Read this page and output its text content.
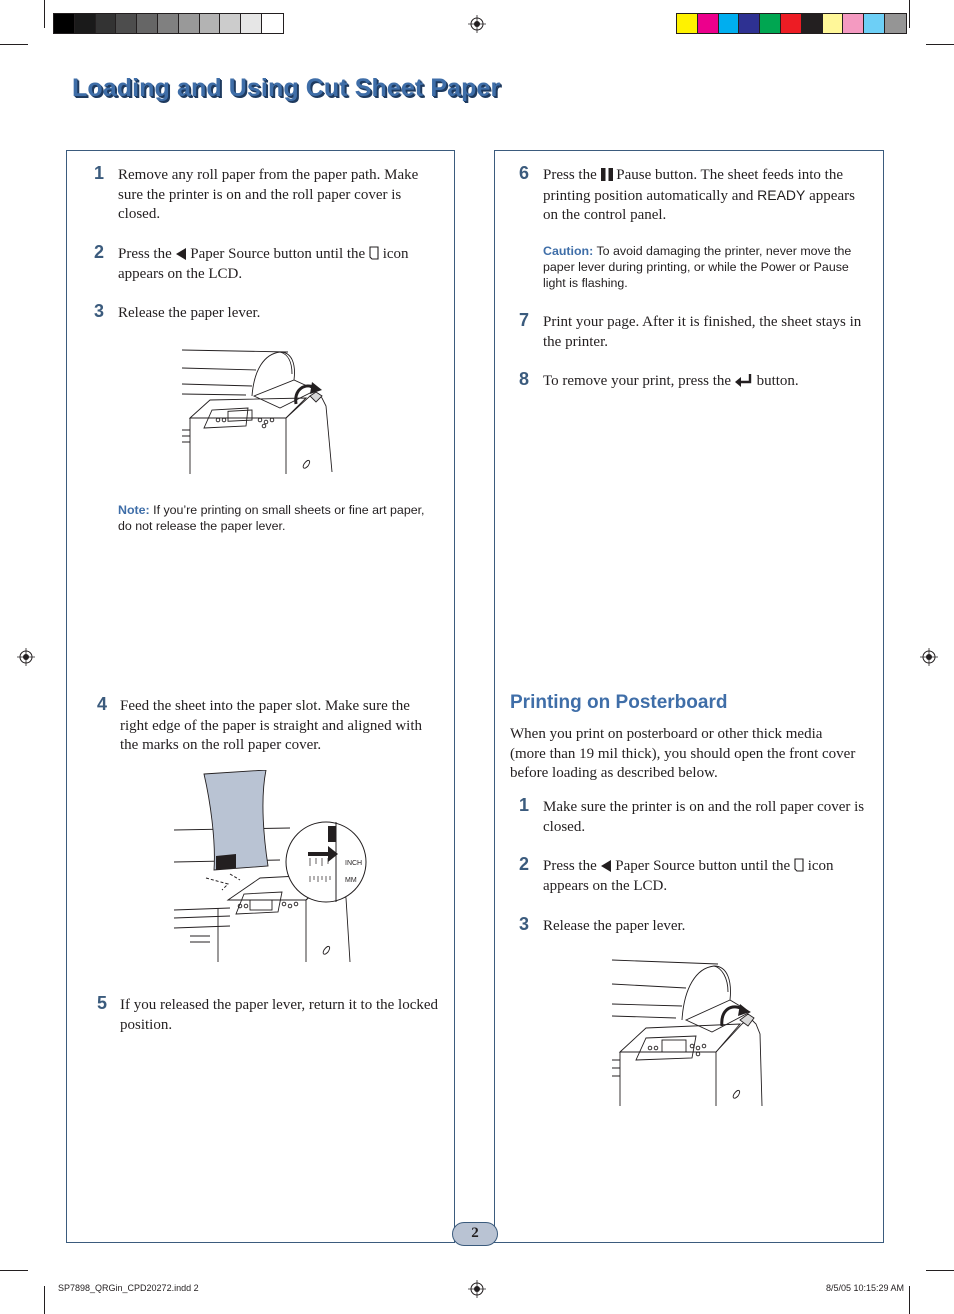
Loading and Using Cut Sheet Paper
1 Remove any roll paper from the paper path. Make sure the printer is on and the roll paper cover is closed.
2 Press the Paper Source button until the icon appears on the LCD.
3 Release the paper lever.
Note: If you’re printing on small sheets or fine art paper, do not release the paper lever.
4 Feed the sheet into the paper slot. Make sure the right edge of the paper is straight and aligned with the marks on the roll paper cover.
INCH
MM
5 If you released the paper lever, return it to the locked position.
6 Press the Pause button. The sheet feeds into the printing position automatically and READY appears on the control panel.
Caution: To avoid damaging the printer, never move the paper lever during printing, or while the Power or Pause light is flashing.
7 Print your page. After it is finished, the sheet stays in the printer.
8 To remove your print, press the button.
Printing on Posterboard
When you print on posterboard or other thick media (more than 19 mil thick), you should open the front cover before loading as described below.
1 Make sure the printer is on and the roll paper cover is closed.
2 Press the Paper Source button until the icon appears on the LCD.
3 Release the paper lever.
2
SP7898_QRGin_CPD20272.indd 2	8/5/05 10:15:29 AM
